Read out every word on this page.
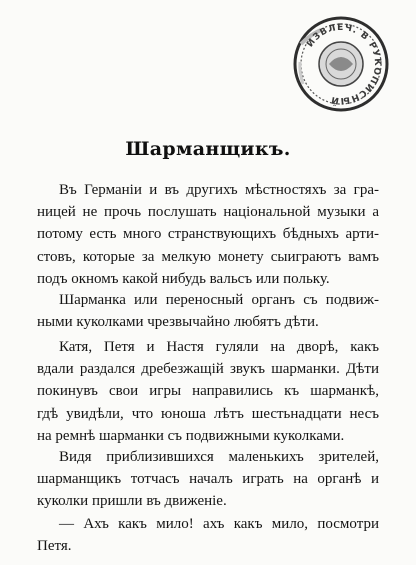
ИЗВЛЕЧ. В РУКОПИСНЫЙ
Шарманщикъ.
Въ Германіи и въ другихъ мѣстностяхъ за гра-
ницей не прочь послушать національной музыки а
потому есть много странствующихъ бѣдныхъ арти-
стовъ, которые за мелкую монету сыиграютъ вамъ
подъ окномъ какой нибудь вальсъ или польку.
Шарманка или переносный органъ съ подвиж-
ными куколками чрезвычайно любятъ дѣти.
Катя, Петя и Настя гуляли на дворѣ, какъ
вдали раздался дребезжащій звукъ шарманки. Дѣти
покинувъ свои игры направились къ шарманкѣ,
гдѣ увидѣли, что юноша лѣтъ шестьнадцати несъ
на ремнѣ шарманки съ подвижными куколками.
Видя приблизившихся маленькихъ зрителей,
шарманщикъ тотчасъ началъ играть на органѣ и
куколки пришли въ движеніе.
— Ахъ какъ мило! ахъ какъ мило, посмотри
Петя.
